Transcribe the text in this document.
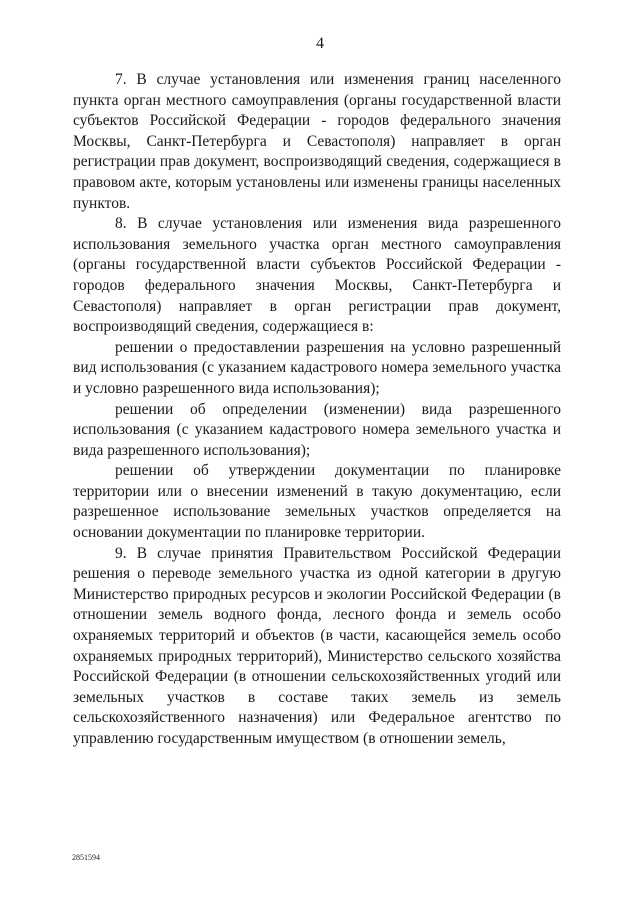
4

7. В случае установления или изменения границ населенного пункта орган местного самоуправления (органы государственной власти субъектов Российской Федерации - городов федерального значения Москвы, Санкт-Петербурга и Севастополя) направляет в орган регистрации прав документ, воспроизводящий сведения, содержащиеся в правовом акте, которым установлены или изменены границы населенных пунктов.

8. В случае установления или изменения вида разрешенного использования земельного участка орган местного самоуправления (органы государственной власти субъектов Российской Федерации - городов федерального значения Москвы, Санкт-Петербурга и Севастополя) направляет в орган регистрации прав документ, воспроизводящий сведения, содержащиеся в:

решении о предоставлении разрешения на условно разрешенный вид использования (с указанием кадастрового номера земельного участка и условно разрешенного вида использования);

решении об определении (изменении) вида разрешенного использования (с указанием кадастрового номера земельного участка и вида разрешенного использования);

решении об утверждении документации по планировке территории или о внесении изменений в такую документацию, если разрешенное использование земельных участков определяется на основании документации по планировке территории.

9. В случае принятия Правительством Российской Федерации решения о переводе земельного участка из одной категории в другую Министерство природных ресурсов и экологии Российской Федерации (в отношении земель водного фонда, лесного фонда и земель особо охраняемых территорий и объектов (в части, касающейся земель особо охраняемых природных территорий), Министерство сельского хозяйства Российской Федерации (в отношении сельскохозяйственных угодий или земельных участков в составе таких земель из земель сельскохозяйственного назначения) или Федеральное агентство по управлению государственным имуществом (в отношении земель,

2851594
